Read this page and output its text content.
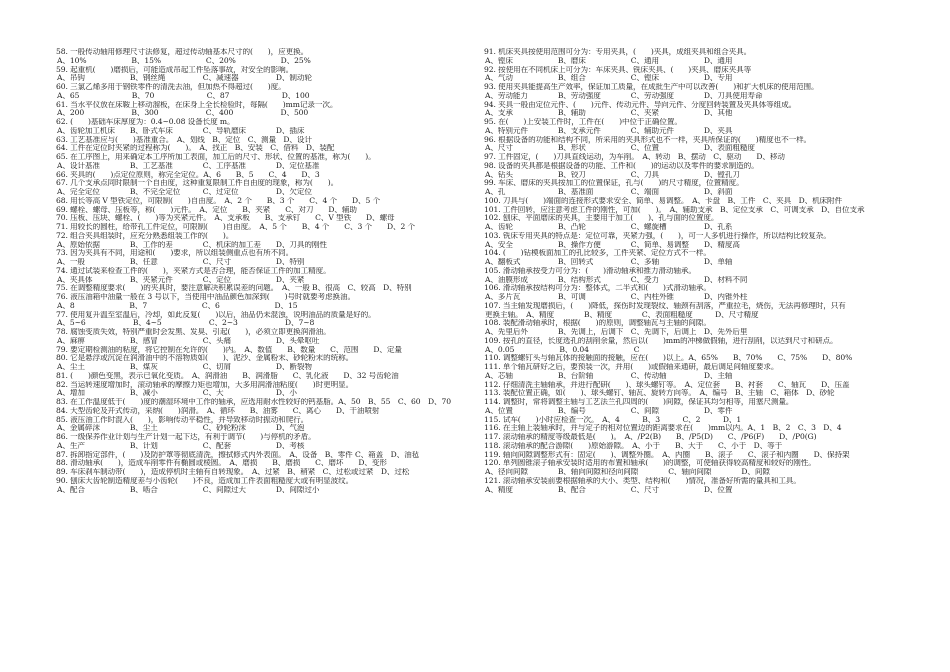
58. 一般传动轴用修理尺寸法修复，超过传动轴基本尺寸的(　　)，应更换。
A、10%　　　　　　B、15%　　　　　　C、20%　　　　　　D、25%
59. 起重机(　　)磨损后，可能造成吊起工件坠落事故，对安全的影响。
A、吊钩　　　　　　B、钢丝绳　　　　　C、减速器　　　　　D、制动轮
60. 三氯乙烯多用于钢铁零件的清洗去油，但加热不得超过(　　)度。
A、65　　　　　　　B、70　　　　　　　C、87　　　　　　　D、100
61. 当水平仪放在床鞍上移动溜板，在床身上全长检验时，每隔(　　)mm记录一次。
A、200　　　　　　 B、300　　　　　　 C、400　　　　　　 D、500
62. (　　)基础车床厚度为：0.4~0.08 设备长度 m。
A、齿轮加工机床　　B、卧式车床　　　　C、导轨磨床　　　　D、插床
63. 工艺基准应与(　　)基准重合。　A、划线　B、定位　C、测量　D、设计
64. 工件在定位时夹紧的过程称为(　　)。　A、找正　B、安装　C、借料　D、装配
65. 在工序图上，用来确定本工序所加工表面，加工后的尺寸、形状、位置的基准，称为(　　)。
A、设计基准　　　　B、工艺基准　　　　C、工序基准　　　　D、定位基准
66. 夹具的(　　)点定位原则，称完全定位。A、6　　B、5　　C、4　　D、3
67. 几个支承点同时限制一个自由度，这种重复限制工件自由度的现象，称为(　　)。
A、完全定位　　　　B、不完全定位　　　C、过定位　　　　　D、欠定位
68. 用长等高 V 型铁定位，可限制(　　)自由度。　A、2 个　　B、3 个　　C、4 个　　D、5 个
69. 螺栓、螺母、压板等，称(　　)元件。　A、定位　　B、夹紧　　C、对刀　　D、辅助
70. 压板、压块、螺栓、(　　)等为夹紧元件。　A、支承板　　B、支承钉　　C、V 型铁　　D、螺母
71. 用较长的圆柱，给带孔工件定位，可限制(　　)自由度。　A、5 个　　B、4 个　　C、3 个　　D、2 个
72. 组合夹具组装时，应充分熟悉组装工作的(　　)。
A、原始依据　　　　B、工作的差　　　　C、机床的加工差　　D、刀具的刚性
73. 因为夹具有不同，用途和(　　)要求，所以组装侧重点也有所不同。
A、一般　　　　　　B、任意　　　　　　C、尺寸　　　　　　D、特别
74. 通过试装来检查工件的(　　)，夹紧方式是否合理，能否保证工件的加工精度。
A、夹具体　　　　　B、夹紧元件　　　　C、定位　　　　　　D、夹紧
75. 在调整精度要求(　　)的夹具时，要注意解决积累误差的问题。　A、一般 B、很高　C、较高　D、特别
76. 液压油箱中油量一般在 3 号以下，当使用中油品颜色加深到(　　)号时就要考虑换油。
A、8　　　　　　　 B、7　　　　　　　 C、6　　　　　　　 D、15
77. 使用复升温至室温后，冷却，如此反复(　　)以后，油品仍未混浊，说明油品的质量是好的。
A、5~6　　　　　　 B、4~5　　　　　　 C、2~3　　　　　　 D、7~8
78. 腐蚀变质失效，特别严重时会发黑、发臭、引起(　　)，必须立即更换润滑油。
A、麻痹　　　　　　B、感冒　　　　　　C、头痛　　　　　　D、头晕呕吐
79. 要定期检测油的粘度，将它控制在允许的(　　)内。　A、数值　　B、数量　　C、范围　　D、定量
80. 它是悬浮或沉淀在润滑油中的不溶物质如(　　)、泥沙、金属粉末、砂轮粉末的统称。
A、尘土　　　　　　B、煤灰　　　　　　C、切屑　　　　　　D、断裂物
81. (　　)颜色变黑，表示已氧化变质。　A、润滑油　　B、润滑脂　　C、乳化液　　D、32 号齿轮油
82. 当运转速度增加时，滚动轴承的摩擦力矩也增加，大多用润滑油粘度(　　)时更明显。
A、增加　　　　　　B、减小　　　　　　C、大　　　　　　　D、小
83. 在工作温度低于(　　)度的潮湿环境中工作的轴承，应选用耐水性较好的钙基脂。A、50　B、55　C、60　D、70
84. 大型齿轮及开式传动，采纳(　　)润滑。　A、循环　　B、油雾　　C、离心　　D、干油喷射
85. 液压油工作时混入(　　)，影响传动平稳性，并导致移动时振动和爬行。
A、金属碎沫　　　　B、尘土　　　　　　C、砂轮粉沫　　　　D、气泡
86. 一级保养作业计划与生产计划一起下达，有利于调节(　　)与停机的矛盾。
A、生产　　　　　　B、计划　　　　　　C、配套　　　　　　D、考核
87. 拆卸指定部件，(　　)及防护罩等彻底清洗，擦拭修式内外表面。　A、设备　B、零件 C、箱盖　D、油毡
88. 滑动轴承(　　)，造成车削零件有椭圆或棱圆。　A、磨损　　B、磨损　　C、磨坏　　D、变形
89. 车床刹车制动带(　　)，造成停机时主轴有自转现象。　A、过紧　B、稍紧　C、过松或过紧　D、过松
90. 刨床大齿轮制造精度差与小齿轮(　　)不良，造成加工件表面粗糙度大或有明显波纹。
A、配合　　　　　　B、啮合　　　　　　C、间隙过大　　　　D、间隙过小
91. 机床夹具按使用范围可分为：专用夹具，(　　)夹具，成组夹具和组合夹具。
A、镗床　　　　　　B、磨床　　　　　　C、通用　　　　　　D、通用
92. 按使用在不同机床上可分为：车床夹具、铣床夹具、(　　)夹具、磨床夹具等
A、气动　　　　　　B、组合　　　　　　C、镗床　　　　　　D、专用
93. 使用夹具能提高生产效率，保证加工质量，在成批生产中可以改善(　　)和扩大机床的使用范围。
A、劳动能力　　　　B、劳动强度　　　　C、劳动强度　　　　D、刀具使用寿命
94. 夹具一般由定位元件、(　　)元件、传动元件、导向元件、分度回转装置及夹具体等组成。
A、支承　　　　　　B、辅助　　　　　　C、夹紧　　　　　　D、其他
95. 在(　　)上安装工件时，工件在(　　)中位于正确位置。
A、特别元件　　　　B、支承元件　　　　C、辅助元件　　　　D、夹具
96. 根据设备的功能和结构不同，所采用的夹具形式也不一样，夹具所保证的(　　)精度也不一样。
A、尺寸　　　　　　B、形状　　　　　　C、位置　　　　　　D、表面粗糙度
97. 工件固定，(　　)刀具直线运动，为车削。　A、转动　B、摆动　C、驱动　　D、移动
98. 设备的夹具都是根据设备的功能、工件和(　　)的运动以及零件的要求制造的。
A、钻头　　　　　　B、铰刀　　　　　　C、刀具　　　　　　D、镗孔刀
99. 车床、磨床的夹具按加工的位置保证，孔与(　　)的尺寸精度，位置精度。
A、孔　　　　　　　B、基准面　　　　　C、端面　　　　　　D、斜面
100. 刀具与(　　)端面的连接形式要求安全、简单、易调整。　A、卡盘　B、工件　C、夹具　D、机床附件
101. 工件回转，应注意考虑工件的刚性，可加(　　)。　A、辅助支承　B、定位支承　C、可调支承　D、自位支承
102. 刨床、平面磨床的夹具，主要用于加工(　　)、孔与面的位置度。
A、齿轮　　　　　　B、凸轮　　　　　　C、螺旋槽　　　　　D、孔系
103. 铣床专用夹具的特点是：定位可靠，夹紧力强，(　　)，可一人多机进行操作，所以结构比较复杂。
A、安全　　　　　　B、操作方便　　　　C、简单、易调整　　D、精度高
104. (　　)钻模板面加工的孔比较多，工件夹紧、定位方式不一样。
A、翻板式　　　　　B、回转式　　　　　C、多轴　　　　　　D、单轴
105. 滑动轴承按受力可分为：(　　)滑动轴承和推力滑动轴承。
A、油膜形成　　　　B、结构形式　　　　C、受力　　　　　　D、材料不同
106. 滑动轴承按结构可分为：整体式，二半式和(　　)式滑动轴承。
A、多片瓦　　　　　B、可调　　　　　　C、内柱外锥　　　　D、内锥外柱
107. 当主轴发现磨损后，(　　)降低，探伤时发现裂纹、轴颈有刮落，严重拉毛，烧伤，无法再修理时，只有
更换主轴。　A、精度　　　　B、精度　　　　C、表面粗糙度　　　D、尺寸精度
108. 装配滑动轴承时，根据(　　)的原则，调整轴瓦与主轴的间隙。
A、先里后外　　　　B、先调上，后调下　C、先调下，后调上　D、先外后里
109. 按孔的直径，长度选孔的刮削余量，然后以(　　)mm的冲梯做假轴，进行刮削，以达到尺寸和研点。
A、0.05　　　　　　B、0.04　　　　　　C
110. 调整螺钉头与轴瓦体的接触面的接触，应在(　　)以上。A、65%　　B、70%　　C、75%　　D、80%
111. 单个轴瓦研好之后，要预装一次，并用(　　)或假轴来通研，最后调足间轴度要求。
A、芯轴　　　　　　B、台阶轴　　　　　C、传动轴　　　　　D、主轴
112. 仔细清洗主轴轴承，并进行配研(　　)、球头螺钉等。　A、定位套　　B、衬套　　C、轴瓦　　D、压盖
113. 装配位置正确，如(　　)、球头螺钉、轴瓦、旋转方向等。　A、编号　B、主轴　C、箱体　D、砂轮
114. 调整时，常将调整主轴与工艺法兰孔四周的(　　)间隙，保证其均匀相等，用塞尺测量。
A、位置　　　　　　B、编号　　　　　　C、间隙　　　　　　D、零件
115. 试车(　　)小时应检查一次。　A、4　　　B、3　　　C、2　　　D、1
116. 在主轴上装轴承时，并与定子的相对位置边的距离要求在(　　)mm以内。A、1　B、2　C、3　D、4
117. 滚动轴承的精度等级最低是(　　)。　A、/P2(B)　　B、/P5(D)　　C、/P6(F)　　D、/P0(G)
118. 滚动轴承的配合游隙(　　)原始游隙。　A、小于　　B、大于　　C、小于　D、等于
119. 轴向间隙调整形式有：固定(　　)、调整外圈。　A、内圈　　B、滚子　　C、滚子和内圈　　D、保持架
120. 单列圆锥滚子轴承安装时适用的布置和轴承(　　)的调整，可使轴获得较高精度和较好的刚性。
A、径向间隙　　　　B、轴向间隙和径向间隙　　　　C、轴向间隙　　　　D、间隙
121. 滚动轴承安装前要根据轴承的大小、类型、结构和(　　)情况，准备好所需的量具和工具。
A、精度　　　　　　B、配合　　　　　　C、尺寸　　　　　　D、位置
